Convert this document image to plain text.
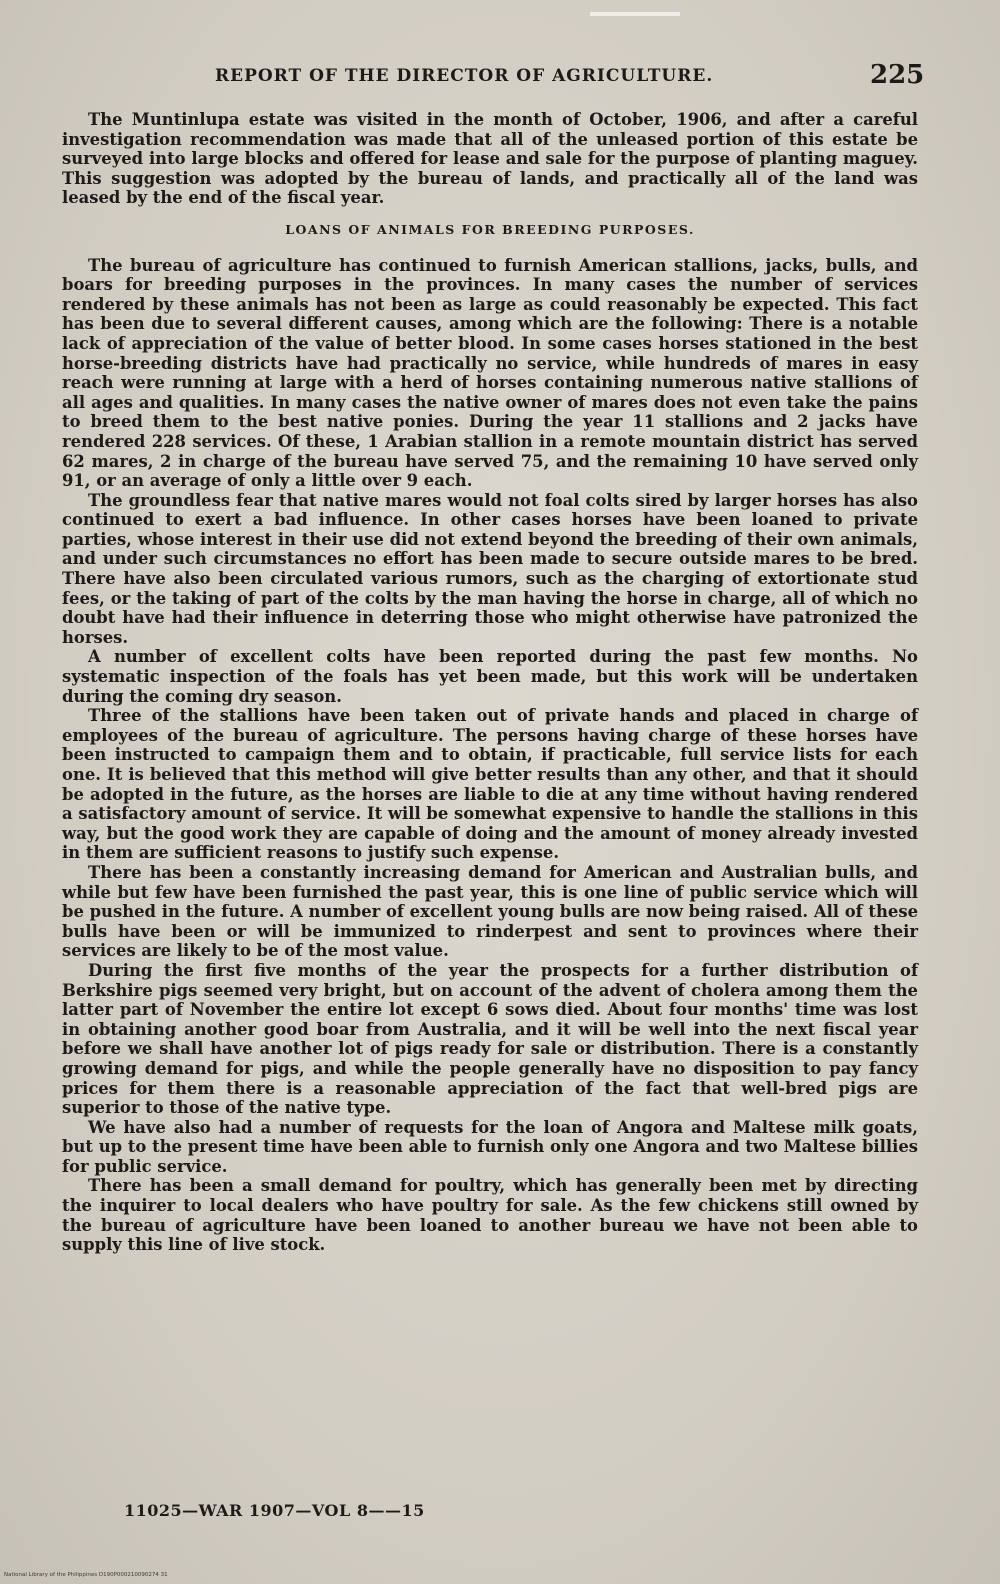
REPORT OF THE DIRECTOR OF AGRICULTURE.	225

The Muntinlupa estate was visited in the month of October, 1906, and after a careful investigation recommendation was made that all of the unleased portion of this estate be surveyed into large blocks and offered for lease and sale for the purpose of planting maguey. This suggestion was adopted by the bureau of lands, and practically all of the land was leased by the end of the fiscal year.

LOANS OF ANIMALS FOR BREEDING PURPOSES.

The bureau of agriculture has continued to furnish American stallions, jacks, bulls, and boars for breeding purposes in the provinces. In many cases the number of services rendered by these animals has not been as large as could reasonably be expected. This fact has been due to several different causes, among which are the following: There is a notable lack of appreciation of the value of better blood. In some cases horses stationed in the best horse-breeding districts have had practically no service, while hundreds of mares in easy reach were running at large with a herd of horses containing numerous native stallions of all ages and qualities. In many cases the native owner of mares does not even take the pains to breed them to the best native ponies. During the year 11 stallions and 2 jacks have rendered 228 services. Of these, 1 Arabian stallion in a remote mountain district has served 62 mares, 2 in charge of the bureau have served 75, and the remaining 10 have served only 91, or an average of only a little over 9 each.

The groundless fear that native mares would not foal colts sired by larger horses has also continued to exert a bad influence. In other cases horses have been loaned to private parties, whose interest in their use did not extend beyond the breeding of their own animals, and under such circumstances no effort has been made to secure outside mares to be bred. There have also been circulated various rumors, such as the charging of extortionate stud fees, or the taking of part of the colts by the man having the horse in charge, all of which no doubt have had their influence in deterring those who might otherwise have patronized the horses.

A number of excellent colts have been reported during the past few months. No systematic inspection of the foals has yet been made, but this work will be undertaken during the coming dry season.

Three of the stallions have been taken out of private hands and placed in charge of employees of the bureau of agriculture. The persons having charge of these horses have been instructed to campaign them and to obtain, if practicable, full service lists for each one. It is believed that this method will give better results than any other, and that it should be adopted in the future, as the horses are liable to die at any time without having rendered a satisfactory amount of service. It will be somewhat expensive to handle the stallions in this way, but the good work they are capable of doing and the amount of money already invested in them are sufficient reasons to justify such expense.

There has been a constantly increasing demand for American and Australian bulls, and while but few have been furnished the past year, this is one line of public service which will be pushed in the future. A number of excellent young bulls are now being raised. All of these bulls have been or will be immunized to rinderpest and sent to provinces where their services are likely to be of the most value.

During the first five months of the year the prospects for a further distribution of Berkshire pigs seemed very bright, but on account of the advent of cholera among them the latter part of November the entire lot except 6 sows died. About four months' time was lost in obtaining another good boar from Australia, and it will be well into the next fiscal year before we shall have another lot of pigs ready for sale or distribution. There is a constantly growing demand for pigs, and while the people generally have no disposition to pay fancy prices for them there is a reasonable appreciation of the fact that well-bred pigs are superior to those of the native type.

We have also had a number of requests for the loan of Angora and Maltese milk goats, but up to the present time have been able to furnish only one Angora and two Maltese billies for public service.

There has been a small demand for poultry, which has generally been met by directing the inquirer to local dealers who have poultry for sale. As the few chickens still owned by the bureau of agriculture have been loaned to another bureau we have not been able to supply this line of live stock.

11025—WAR 1907—VOL 8——15
National Library of the Philippines D190P000210090274 31
